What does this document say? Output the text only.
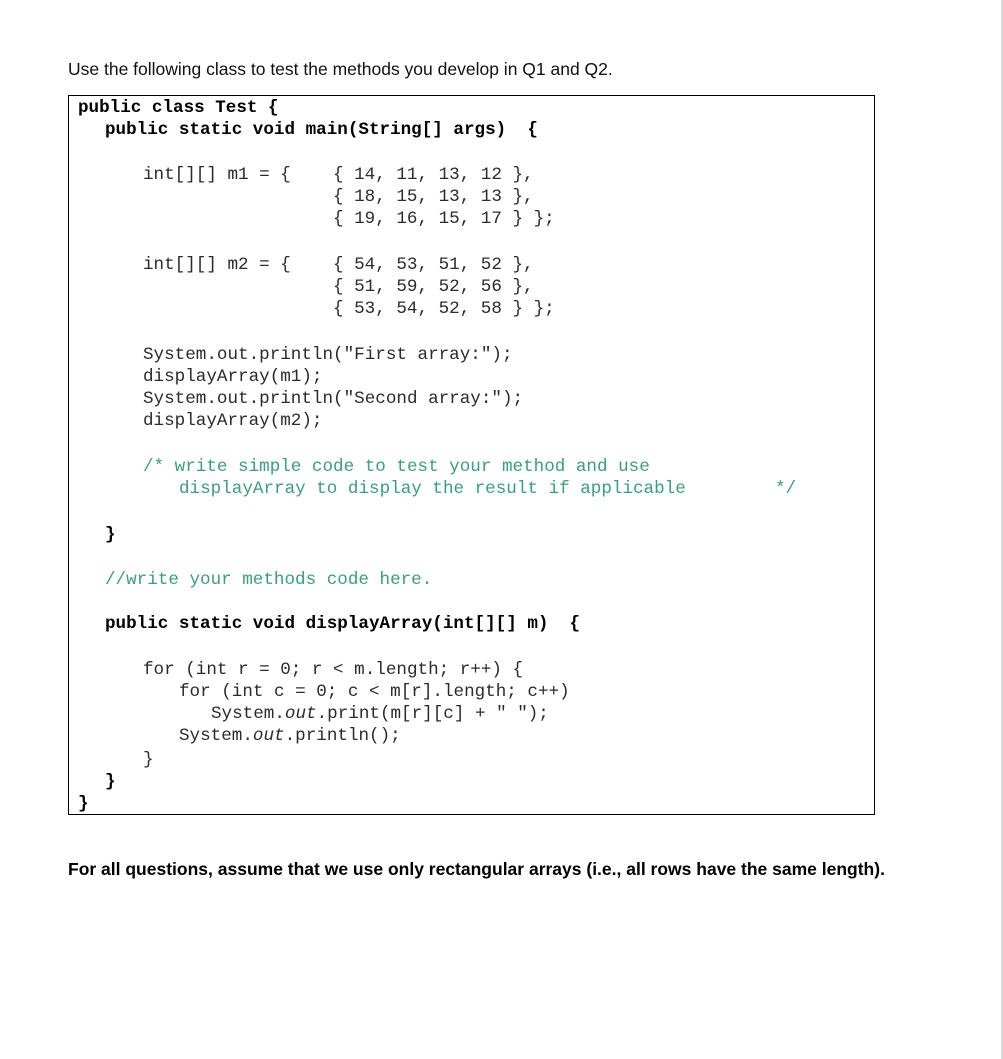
Use the following class to test the methods you develop in Q1 and Q2.
public class Test {
public static void main(String[] args)  {
int[][] m1 = { { 14, 11, 13, 12 },
{ 18, 15, 13, 13 },
{ 19, 16, 15, 17 } };
int[][] m2 = { { 54, 53, 51, 52 },
{ 51, 59, 52, 56 },
{ 53, 54, 52, 58 } };
System.out.println("First array:");
displayArray(m1);
System.out.println("Second array:");
displayArray(m2);
/* write simple code to test your method and use
displayArray to display the result if applicable	*/
}
//write your methods code here.
public static void displayArray(int[][] m)  {
for (int r = 0; r < m.length; r++) {
for (int c = 0; c < m[r].length; c++)
System.out.print(m[r][c] + " ");
System.out.println();
}
}
}
For all questions, assume that we use only rectangular arrays (i.e., all rows have the same length).
